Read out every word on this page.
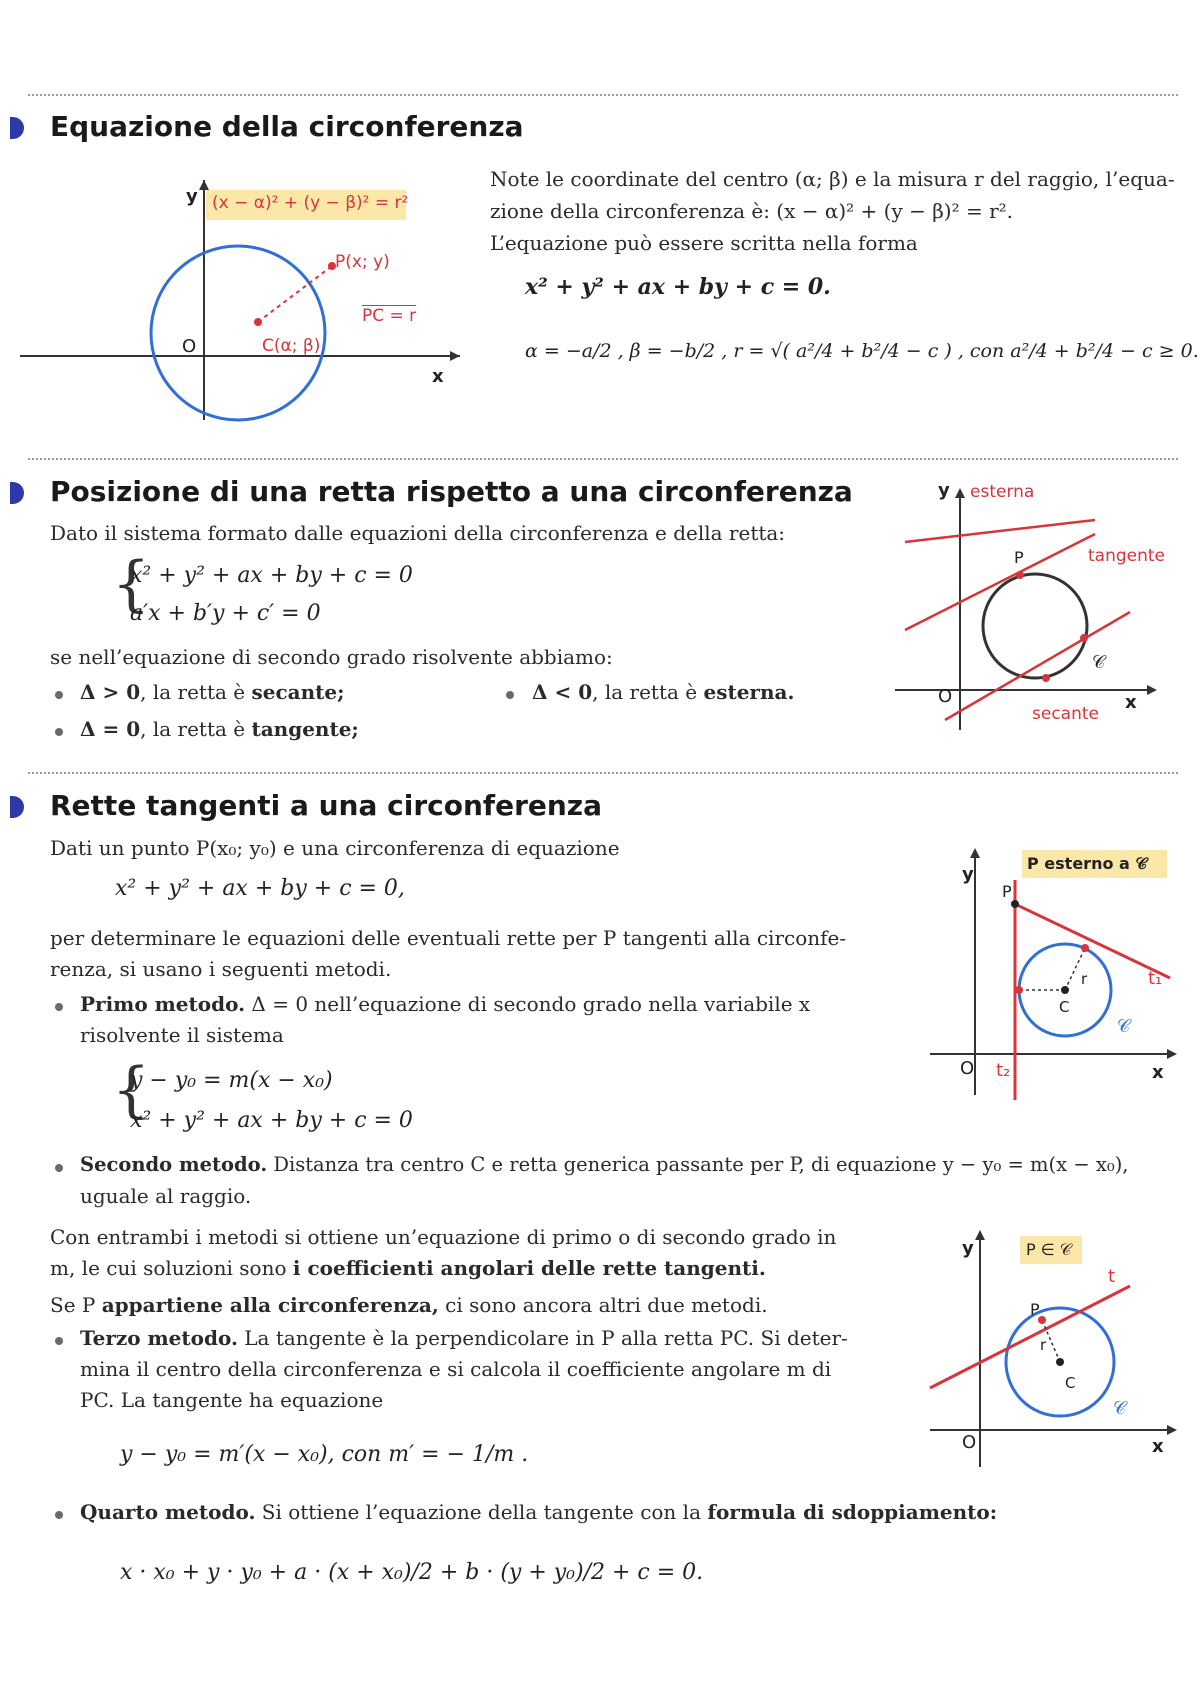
Equazione della circonferenza
(x − α)² + (y − β)² = r²
P(x; y)
C(α; β)
PC = r
O
x
y
Note le coordinate del centro (α; β) e la misura r del raggio, l’equa-
zione della circonferenza è: (x − α)² + (y − β)² = r².
L’equazione può essere scritta nella forma
x² + y² + ax + by + c = 0.
α = −a/2 , β = −b/2 , r = √( a²/4 + b²/4 − c ) , con a²/4 + b²/4 − c ≥ 0.
Posizione di una retta rispetto a una circonferenza
Dato il sistema formato dalle equazioni della circonferenza e della retta:
{
x² + y² + ax + by + c = 0
a′x + b′y + c′ = 0
se nell’equazione di secondo grado risolvente abbiamo:
Δ > 0, la retta è secante;	Δ < 0, la retta è esterna.
Δ = 0, la retta è tangente;
y esterna
tangente
P
𝒞
secante
O	x
Rette tangenti a una circonferenza
Dati un punto P(x₀; y₀) e una circonferenza di equazione
x² + y² + ax + by + c = 0,
per determinare le equazioni delle eventuali rette per P tangenti alla circonfe-
renza, si usano i seguenti metodi.
Primo metodo. Δ = 0 nell’equazione di secondo grado nella variabile x
risolvente il sistema
{
y − y₀ = m(x − x₀)
x² + y² + ax + by + c = 0
Secondo metodo. Distanza tra centro C e retta generica passante per P, di equazione y − y₀ = m(x − x₀),
uguale al raggio.
Con entrambi i metodi si ottiene un’equazione di primo o di secondo grado in
m, le cui soluzioni sono i coefficienti angolari delle rette tangenti.
Se P appartiene alla circonferenza, ci sono ancora altri due metodi.
Terzo metodo. La tangente è la perpendicolare in P alla retta PC. Si deter-
mina il centro della circonferenza e si calcola il coefficiente angolare m di
PC. La tangente ha equazione
y − y₀ = m′(x − x₀), con m′ = − 1/m .
Quarto metodo. Si ottiene l’equazione della tangente con la formula di sdoppiamento:
x · x₀ + y · y₀ + a · (x + x₀)/2 + b · (y + y₀)/2 + c = 0.
P esterno a 𝒞
y
P
r
C
𝒞
t₁
t₂
O	x
P ∈ 𝒞
y
P
r
C
𝒞
t
O	x
